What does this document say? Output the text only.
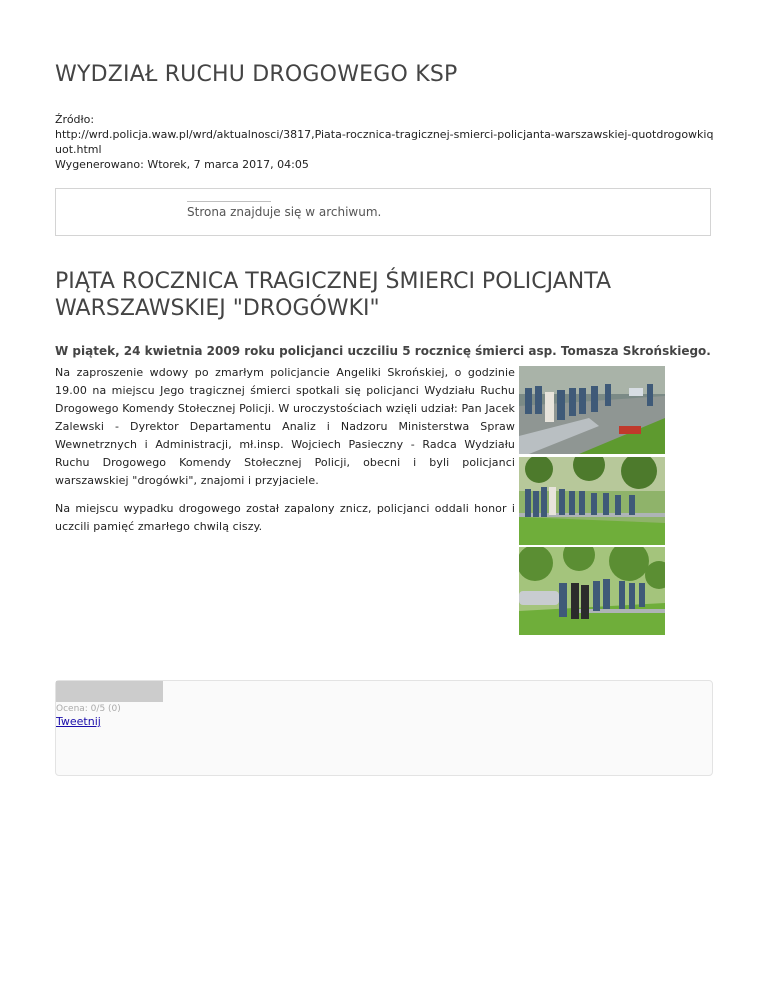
WYDZIAŁ RUCHU DROGOWEGO KSP
Źródło:
http://wrd.policja.waw.pl/wrd/aktualnosci/3817,Piata-rocznica-tragicznej-smierci-policjanta-warszawskiej-quotdrogowkiquot.html
Wygenerowano: Wtorek, 7 marca 2017, 04:05
Strona znajduje się w archiwum.
PIĄTA ROCZNICA TRAGICZNEJ ŚMIERCI POLICJANTA WARSZAWSKIEJ "DROGÓWKI"

W piątek, 24 kwietnia 2009 roku policjanci uczciliu 5 rocznicę śmierci asp. Tomasza Skrońskiego.

Na zaproszenie wdowy po zmarłym policjancie Angeliki Skrońskiej, o godzinie 19.00 na miejscu Jego tragicznej śmierci spotkali się policjanci Wydziału Ruchu Drogowego Komendy Stołecznej Policji. W uroczystościach wzięli udział: Pan Jacek Zalewski - Dyrektor Departamentu Analiz i Nadzoru Ministerstwa Spraw Wewnetrznych i Administracji, mł.insp. Wojciech Pasieczny - Radca Wydziału Ruchu Drogowego Komendy Stołecznej Policji, obecni i byli policjanci warszawskiej "drogówki", znajomi i przyjaciele.

Na miejscu wypadku drogowego został zapalony znicz, policjanci oddali honor i uczcili pamięć zmarłego chwilą ciszy.

Ocena: 0/5 (0)
Tweetnij
